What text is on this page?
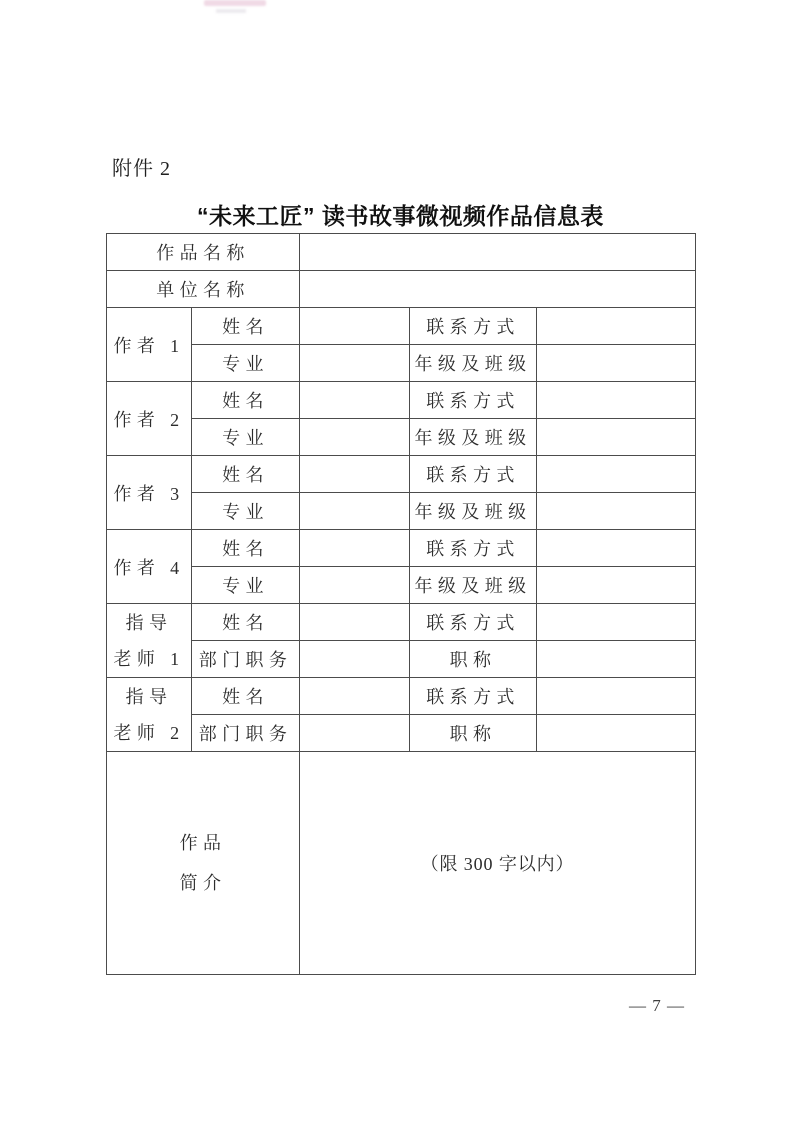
附件 2
“未来工匠” 读书故事微视频作品信息表
作品名称				
单位名称				
作者 1	姓名		联系方式	
	专业		年级及班级	
作者 2	姓名		联系方式	
	专业		年级及班级	
作者 3	姓名		联系方式	
	专业		年级及班级	
作者 4	姓名		联系方式	
	专业		年级及班级	

指导
老师 1	姓名		联系方式	
	部门职务		职称	

指导
老师 2	姓名		联系方式	
	部门职务		职称	

作品
简介		（限 300 字以内）		
— 7 —
